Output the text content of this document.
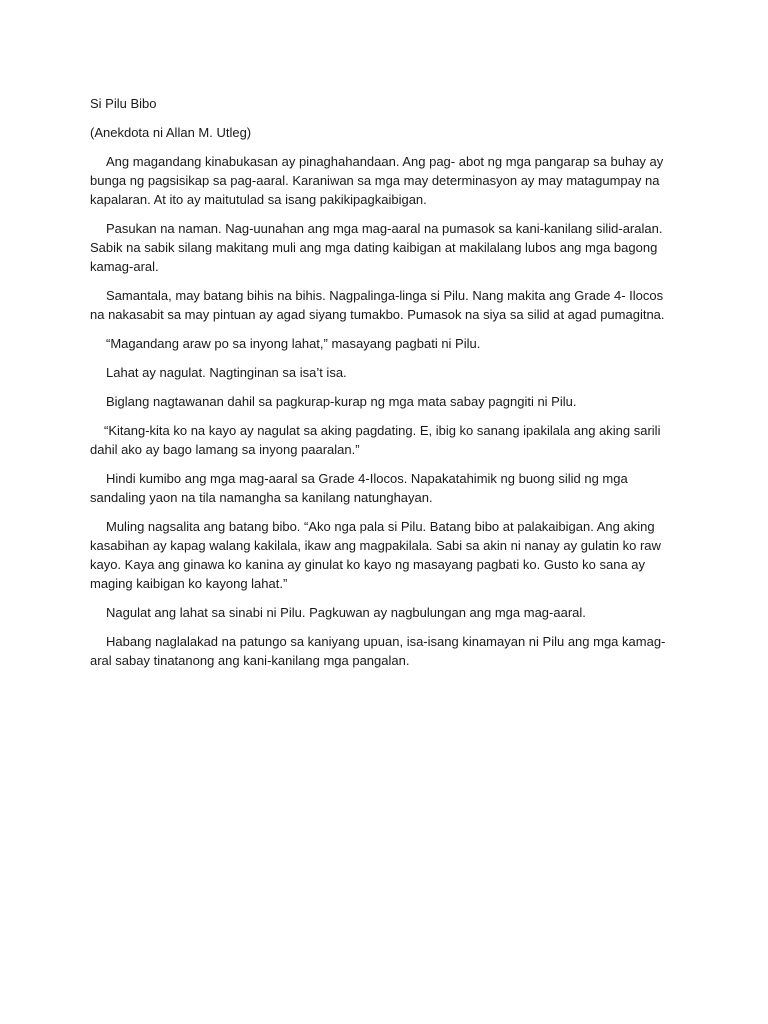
Si Pilu Bibo

(Anekdota ni Allan M. Utleg)

Ang magandang kinabukasan ay pinaghahandaan. Ang pag- abot ng mga pangarap sa buhay ay bunga ng pagsisikap sa pag-aaral. Karaniwan sa mga may determinasyon ay may matagumpay na kapalaran. At ito ay maitutulad sa isang pakikipagkaibigan.

Pasukan na naman. Nag-uunahan ang mga mag-aaral na pumasok sa kani-kanilang silid-aralan. Sabik na sabik silang makitang muli ang mga dating kaibigan at makilalang lubos ang mga bagong kamag-aral.

Samantala, may batang bihis na bihis. Nagpalinga-linga si Pilu. Nang makita ang Grade 4- Ilocos na nakasabit sa may pintuan ay agad siyang tumakbo. Pumasok na siya sa silid at agad pumagitna.

“Magandang araw po sa inyong lahat,” masayang pagbati ni Pilu.

Lahat ay nagulat. Nagtinginan sa isa’t isa.

Biglang nagtawanan dahil sa pagkurap-kurap ng mga mata sabay pagngiti ni Pilu.

“Kitang-kita ko na kayo ay nagulat sa aking pagdating. E, ibig ko sanang ipakilala ang aking sarili dahil ako ay bago lamang sa inyong paaralan.”

Hindi kumibo ang mga mag-aaral sa Grade 4-Ilocos. Napakatahimik ng buong silid ng mga sandaling yaon na tila namangha sa kanilang natunghayan.

Muling nagsalita ang batang bibo. “Ako nga pala si Pilu. Batang bibo at palakaibigan. Ang aking kasabihan ay kapag walang kakilala, ikaw ang magpakilala. Sabi sa akin ni nanay ay gulatin ko raw kayo. Kaya ang ginawa ko kanina ay ginulat ko kayo ng masayang pagbati ko. Gusto ko sana ay maging kaibigan ko kayong lahat.”

Nagulat ang lahat sa sinabi ni Pilu. Pagkuwan ay nagbulungan ang mga mag-aaral.

Habang naglalakad na patungo sa kaniyang upuan, isa-isang kinamayan ni Pilu ang mga kamag-aral sabay tinatanong ang kani-kanilang mga pangalan.
